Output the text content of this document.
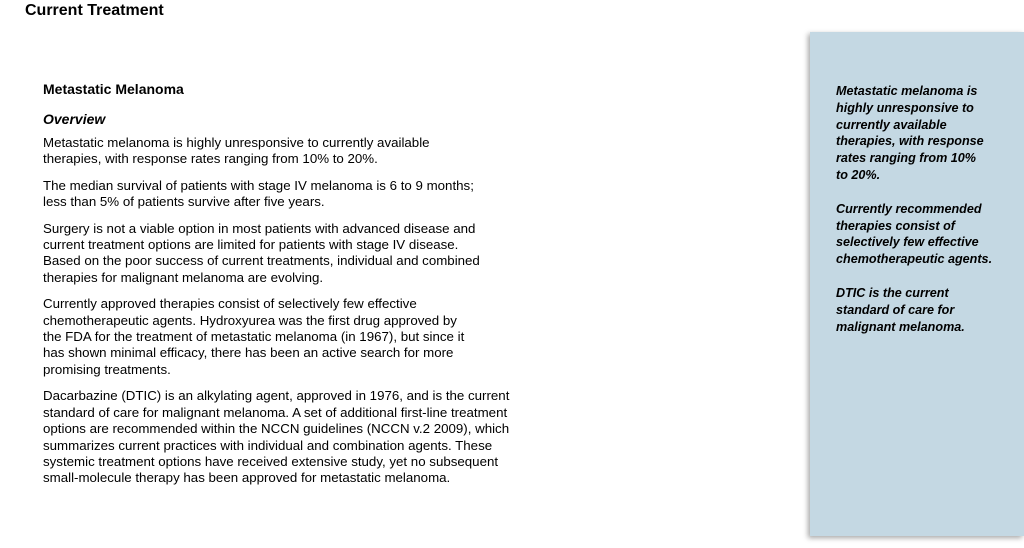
Current Treatment
Metastatic Melanoma
Overview

Metastatic melanoma is highly unresponsive to currently available
therapies, with response rates ranging from 10% to 20%.

The median survival of patients with stage IV melanoma is 6 to 9 months;
less than 5% of patients survive after five years.

Surgery is not a viable option in most patients with advanced disease and
current treatment options are limited for patients with stage IV disease.
Based on the poor success of current treatments, individual and combined
therapies for malignant melanoma are evolving.

Currently approved therapies consist of selectively few effective
chemotherapeutic agents. Hydroxyurea was the first drug approved by
the FDA for the treatment of metastatic melanoma (in 1967), but since it
has shown minimal efficacy, there has been an active search for more
promising treatments.

Dacarbazine (DTIC) is an alkylating agent, approved in 1976, and is the current
standard of care for malignant melanoma. A set of additional first-line treatment
options are recommended within the NCCN guidelines (NCCN v.2 2009), which
summarizes current practices with individual and combination agents. These
systemic treatment options have received extensive study, yet no subsequent
small-molecule therapy has been approved for metastatic melanoma.

Metastatic melanoma is
highly unresponsive to
currently available
therapies, with response
rates ranging from 10%
to 20%.

Currently recommended
therapies consist of
selectively few effective
chemotherapeutic agents.

DTIC is the current
standard of care for
malignant melanoma.
